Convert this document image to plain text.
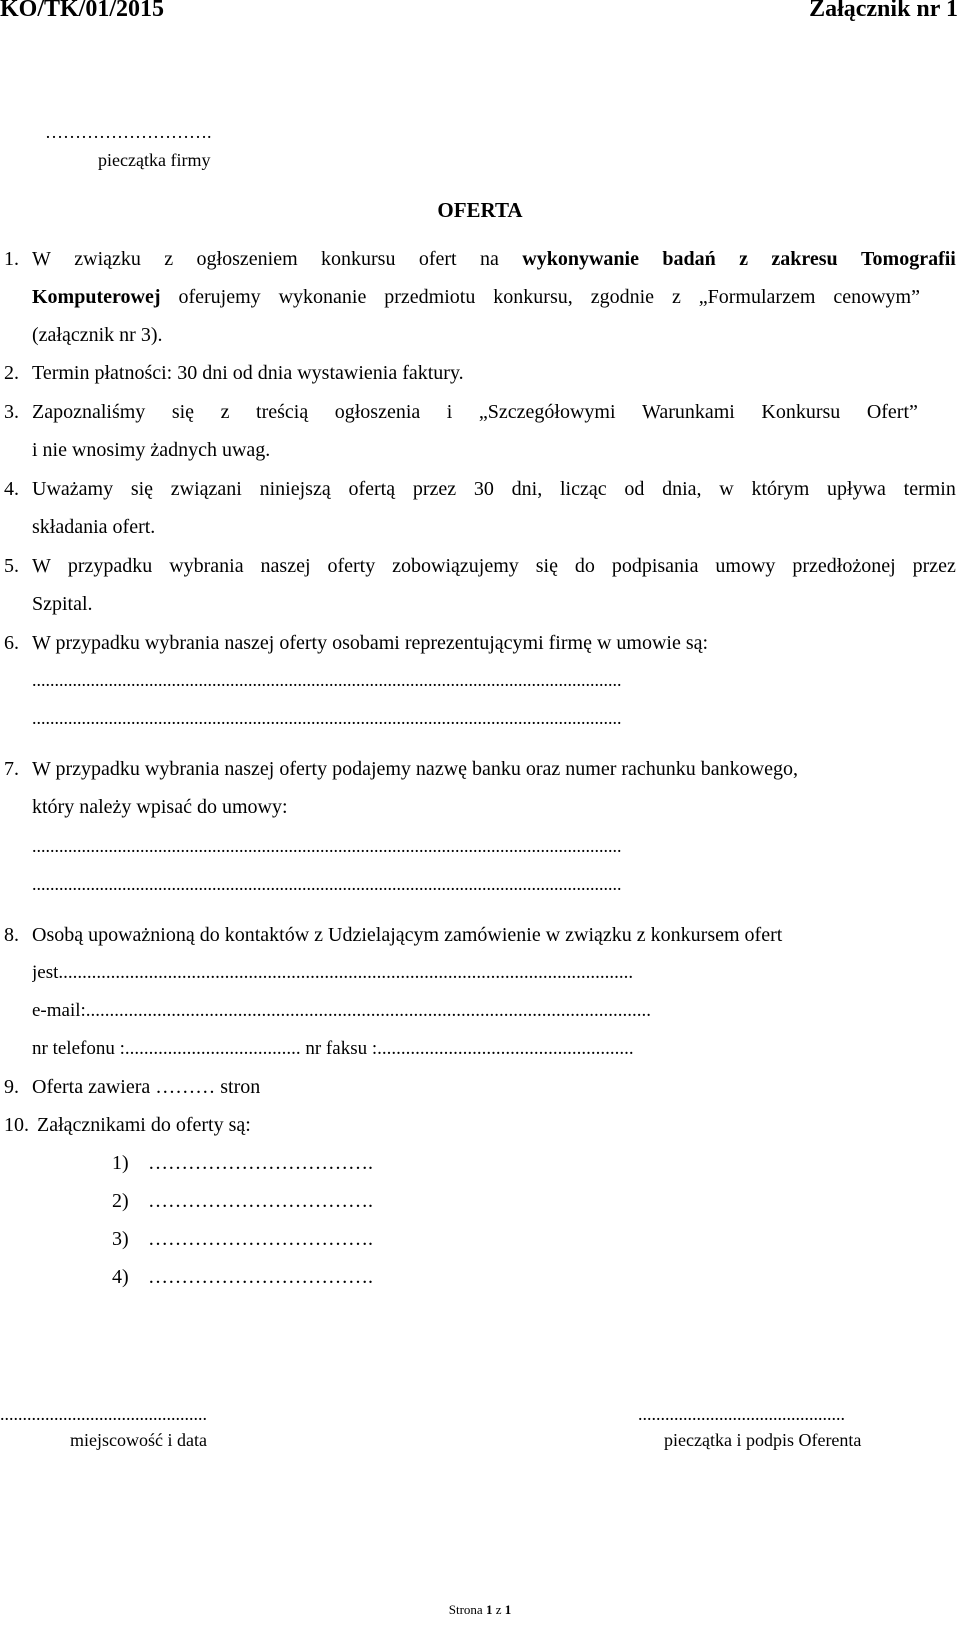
KO/TK/01/2015	Załącznik nr 1
……………………….
pieczątka firmy
OFERTA
1. W związku z ogłoszeniem konkursu ofert na wykonywanie badań z zakresu Tomografii
Komputerowej oferujemy wykonanie przedmiotu konkursu, zgodnie z „Formularzem cenowym”
(załącznik nr 3).
2. Termin płatności: 30 dni od dnia wystawienia faktury.
3. Zapoznaliśmy się z treścią ogłoszenia i „Szczegółowymi Warunkami Konkursu Ofert”
i nie wnosimy żadnych uwag.
4. Uważamy się związani niniejszą ofertą przez 30 dni, licząc od dnia, w którym upływa termin
składania ofert.
5. W przypadku wybrania naszej oferty zobowiązujemy się do podpisania umowy przedłożonej przez
Szpital.
6. W przypadku wybrania naszej oferty osobami reprezentującymi firmę w umowie są:
...................................................................................................................................
...................................................................................................................................
7. W przypadku wybrania naszej oferty podajemy nazwę banku oraz numer rachunku bankowego,
który należy wpisać do umowy:
...................................................................................................................................
...................................................................................................................................
8. Osobą upoważnioną do kontaktów z Udzielającym zamówienie w związku z konkursem ofert
jest.........................................................................................................................
e-mail:.......................................................................................................................
nr telefonu :..................................... nr faksu :......................................................
9. Oferta zawiera ……… stron
10. Załącznikami do oferty są:
1) …………………………….
2) …………………………….
3) …………………………….
4) …………………………….
..............................................
miejscowość i data
..............................................
pieczątka i podpis Oferenta
Strona 1 z 1
